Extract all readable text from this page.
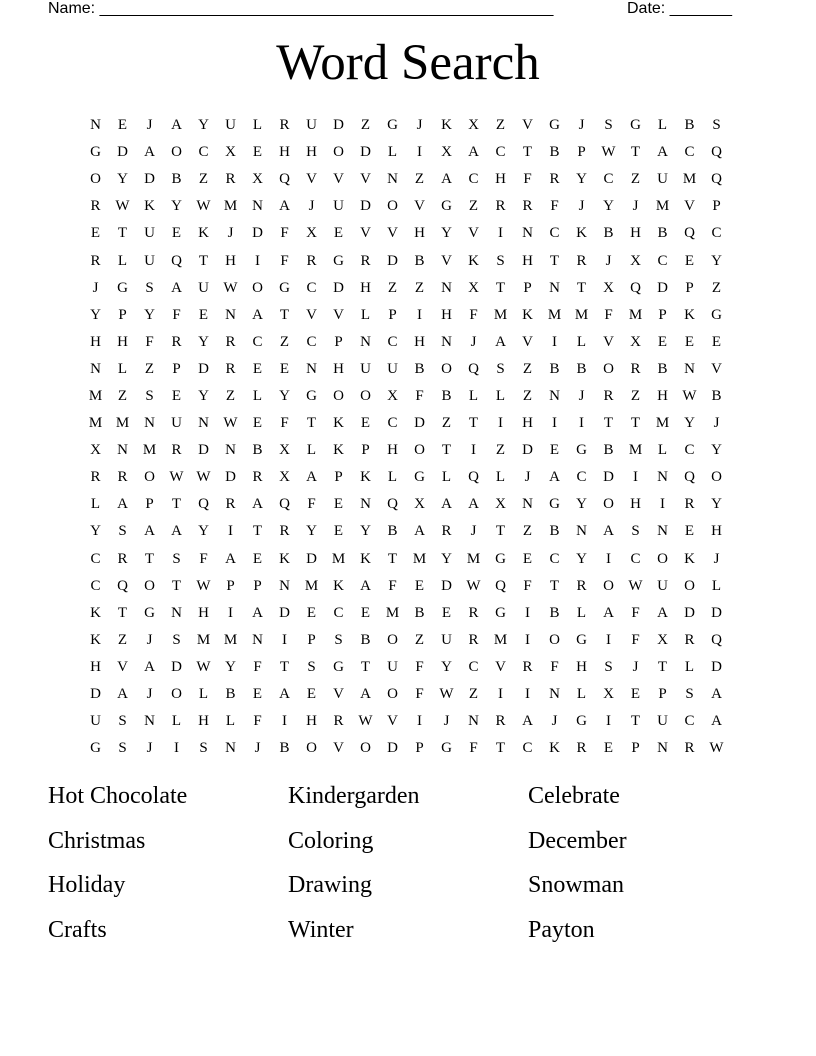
Name: ___________________________________________________	Date: _______
Word Search
N	E	J	A	Y	U	L	R	U	D	Z	G	J	K	X	Z	V	G	J	S	G	L	B	S
G	D	A	O	C	X	E	H	H	O	D	L	I	X	A	C	T	B	P	W	T	A	C	Q
O	Y	D	B	Z	R	X	Q	V	V	V	N	Z	A	C	H	F	R	Y	C	Z	U M Q
R W K	Y W M N	A	J	U	D	O	V	G	Z	R	R	F	J	Y	J	M V	P
E	T	U	E	K	J	D	F	X	E	V	V	H	Y	V	I	N	C	K	B	H	B	Q	C
R	L	U	Q	T	H	I	F	R	G	R	D	B	V	K	S	H	T	R	J	X	C	E	Y
J	G	S	A	U W O	G	C	D	H	Z	Z	N	X	T	P	N	T	X	Q	D	P	Z
Y	P	Y	F	E	N	A	T	V	V	L	P	I	H	F	M K M M	F	M	P	K	G
H	H	F	R	Y	R	C	Z	C	P	N	C	H	N	J	A	V	I	L	V	X	E	E	E
N	L	Z	P	D	R	E	E	N	H	U	U	B	O	Q	S	Z	B	B	O	R	B	N	V
M	Z	S	E	Y	Z	L	Y	G	O	O	X	F	B	L	L	Z	N	J	R	Z	H W B
M M N	U	N W	E	F	T	K	E	C	D	Z	T	I	H	I	I	T	T	M Y	J
X	N M	R	D	N	B	X	L	K	P	H	O	T	I	Z	D	E	G	B	M	L	C	Y
R	R	O W W D	R	X	A	P	K	L	G	L	Q	L	J	A	C	D	I	N	Q	O
L	A	P	T	Q	R	A	Q	F	E	N	Q	X	A	A	X	N	G	Y	O	H	I	R	Y
Y	S	A	A	Y	I	T	R	Y	E	Y	B	A	R	J	T	Z	B	N	A	S	N	E	H
C	R	T	S	F	A	E	K	D M K	T	M Y M G	E	C	Y	I	C	O	K	J
C	Q	O	T	W	P	P	N M K	A	F	E	D W Q	F	T	R	O W U	O	L
K	T	G	N	H	I	A	D	E	C	E	M	B	E	R	G	I	B	L	A	F	A	D	D
K	Z	J	S	M M N	I	P	S	B	O	Z	U	R	M	I	O	G	I	F	X	R	Q
H	V	A	D W Y	F	T	S	G	T	U	F	Y	C	V	R	F	H	S	J	T	L	D
D	A	J	O	L	B	E	A	E	V	A	O	F	W	Z	I	I	N	L	X	E	P	S	A
U	S	N	L	H	L	F	I	H	R W V	I	J	N	R	A	J	G	I	T	U	C	A
G	S	J	I	S	N	J	B	O	V	O	D	P	G	F	T	C	K	R	E	P	N	R W
Hot Chocolate	Kindergarden	Celebrate
Christmas	Coloring	December
Holiday	Drawing	Snowman
Crafts	Winter	Payton
